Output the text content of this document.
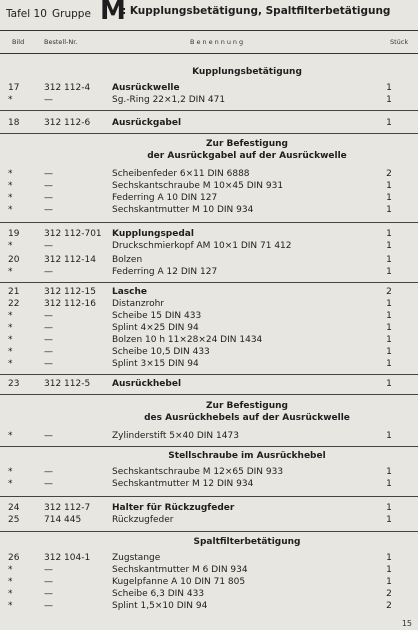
Tafel 10 Gruppe M
: Kupplungsbetätigung, Spaltfilterbetätigung
Bild	Bestell-Nr.	Benennung	Stück
Kupplungsbetätigung
17	312 112-4	Ausrückwelle	1
*	—	Sg.-Ring 22×1,2 DIN 471	1
18	312 112-6	Ausrückgabel	1
Zur Befestigung
der Ausrückgabel auf der Ausrückwelle
*	—	Scheibenfeder 6×11 DIN 6888	2
*	—	Sechskantschraube M 10×45 DIN 931	1
*	—	Federring A 10 DIN 127	1
*	—	Sechskantmutter M 10 DIN 934	1
19	312 112-701	Kupplungspedal	1
*	—	Druckschmierkopf AM 10×1 DIN 71 412	1
20	312 112-14	Bolzen	1
*	—	Federring A 12 DIN 127	1
21	312 112-15	Lasche	2
22	312 112-16	Distanzrohr	1
*	—	Scheibe 15 DIN 433	1
*	—	Splint 4×25 DIN 94	1
*	—	Bolzen 10 h 11×28×24 DIN 1434	1
*	—	Scheibe 10,5 DIN 433	1
*	—	Splint 3×15 DIN 94	1
23	312 112-5	Ausrückhebel	1
Zur Befestigung
des Ausrückhebels auf der Ausrückwelle
*	—	Zylinderstift 5×40 DIN 1473	1
Stellschraube im Ausrückhebel
*	—	Sechskantschraube M 12×65 DIN 933	1
*	—	Sechskantmutter M 12 DIN 934	1
24	312 112-7	Halter für Rückzugfeder	1
25	714 445	Rückzugfeder	1
Spaltfilterbetätigung
26	312 104-1	Zugstange	1
*	—	Sechskantmutter M 6 DIN 934	1
*	—	Kugelpfanne A 10 DIN 71 805	1
*	—	Scheibe 6,3 DIN 433	2
*	—	Splint 1,5×10 DIN 94	2
15
